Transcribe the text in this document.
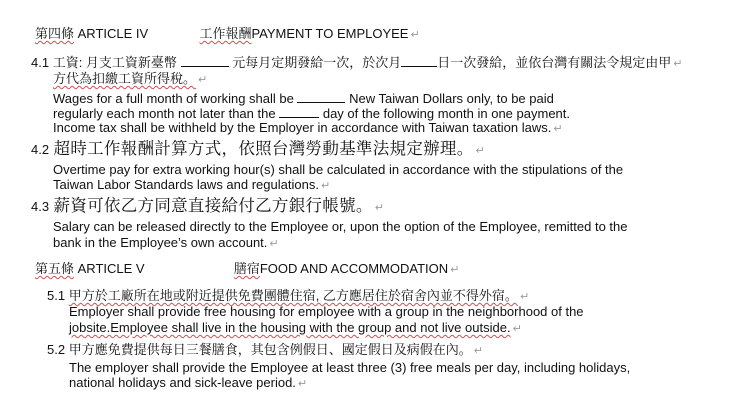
第四條 ARTICLE IV	工作報酬PAYMENT TO EMPLOYEE ↵
4.1 工資: 月支工資新臺幣	元每月定期發給一次，於次月	日一次發給，並依台灣有關法令規定由甲 ↵
方代為扣繳工資所得稅。 ↵
Wages for a full month of working shall be	New Taiwan Dollars only, to be paid
regularly each month not later than the	day of the following month in one payment.
Income tax shall be withheld by the Employer in accordance with Taiwan taxation laws. ↵
4.2 超時工作報酬計算方式，依照台灣勞動基準法規定辦理。 ↵
Overtime pay for extra working hour(s) shall be calculated in accordance with the stipulations of the
Taiwan Labor Standards laws and regulations. ↵
4.3 薪資可依乙方同意直接給付乙方銀行帳號。 ↵
Salary can be released directly to the Employee or, upon the option of the Employee, remitted to the
bank in the Employee’s own account. ↵
第五條 ARTICLE V	膳宿FOOD AND ACCOMMODATION ↵
5.1 甲方於工廠所在地或附近提供免費團體住宿, 乙方應居住於宿舍內並不得外宿。 ↵
Employer shall provide free housing for employee with a group in the neighborhood of the
jobsite.Employee shall live in the housing with the group and not live outside. ↵
5.2 甲方應免費提供每日三餐膳食，其包含例假日、國定假日及病假在內。 ↵
The employer shall provide the Employee at least three (3) free meals per day, including holidays,
national holidays and sick-leave period. ↵
